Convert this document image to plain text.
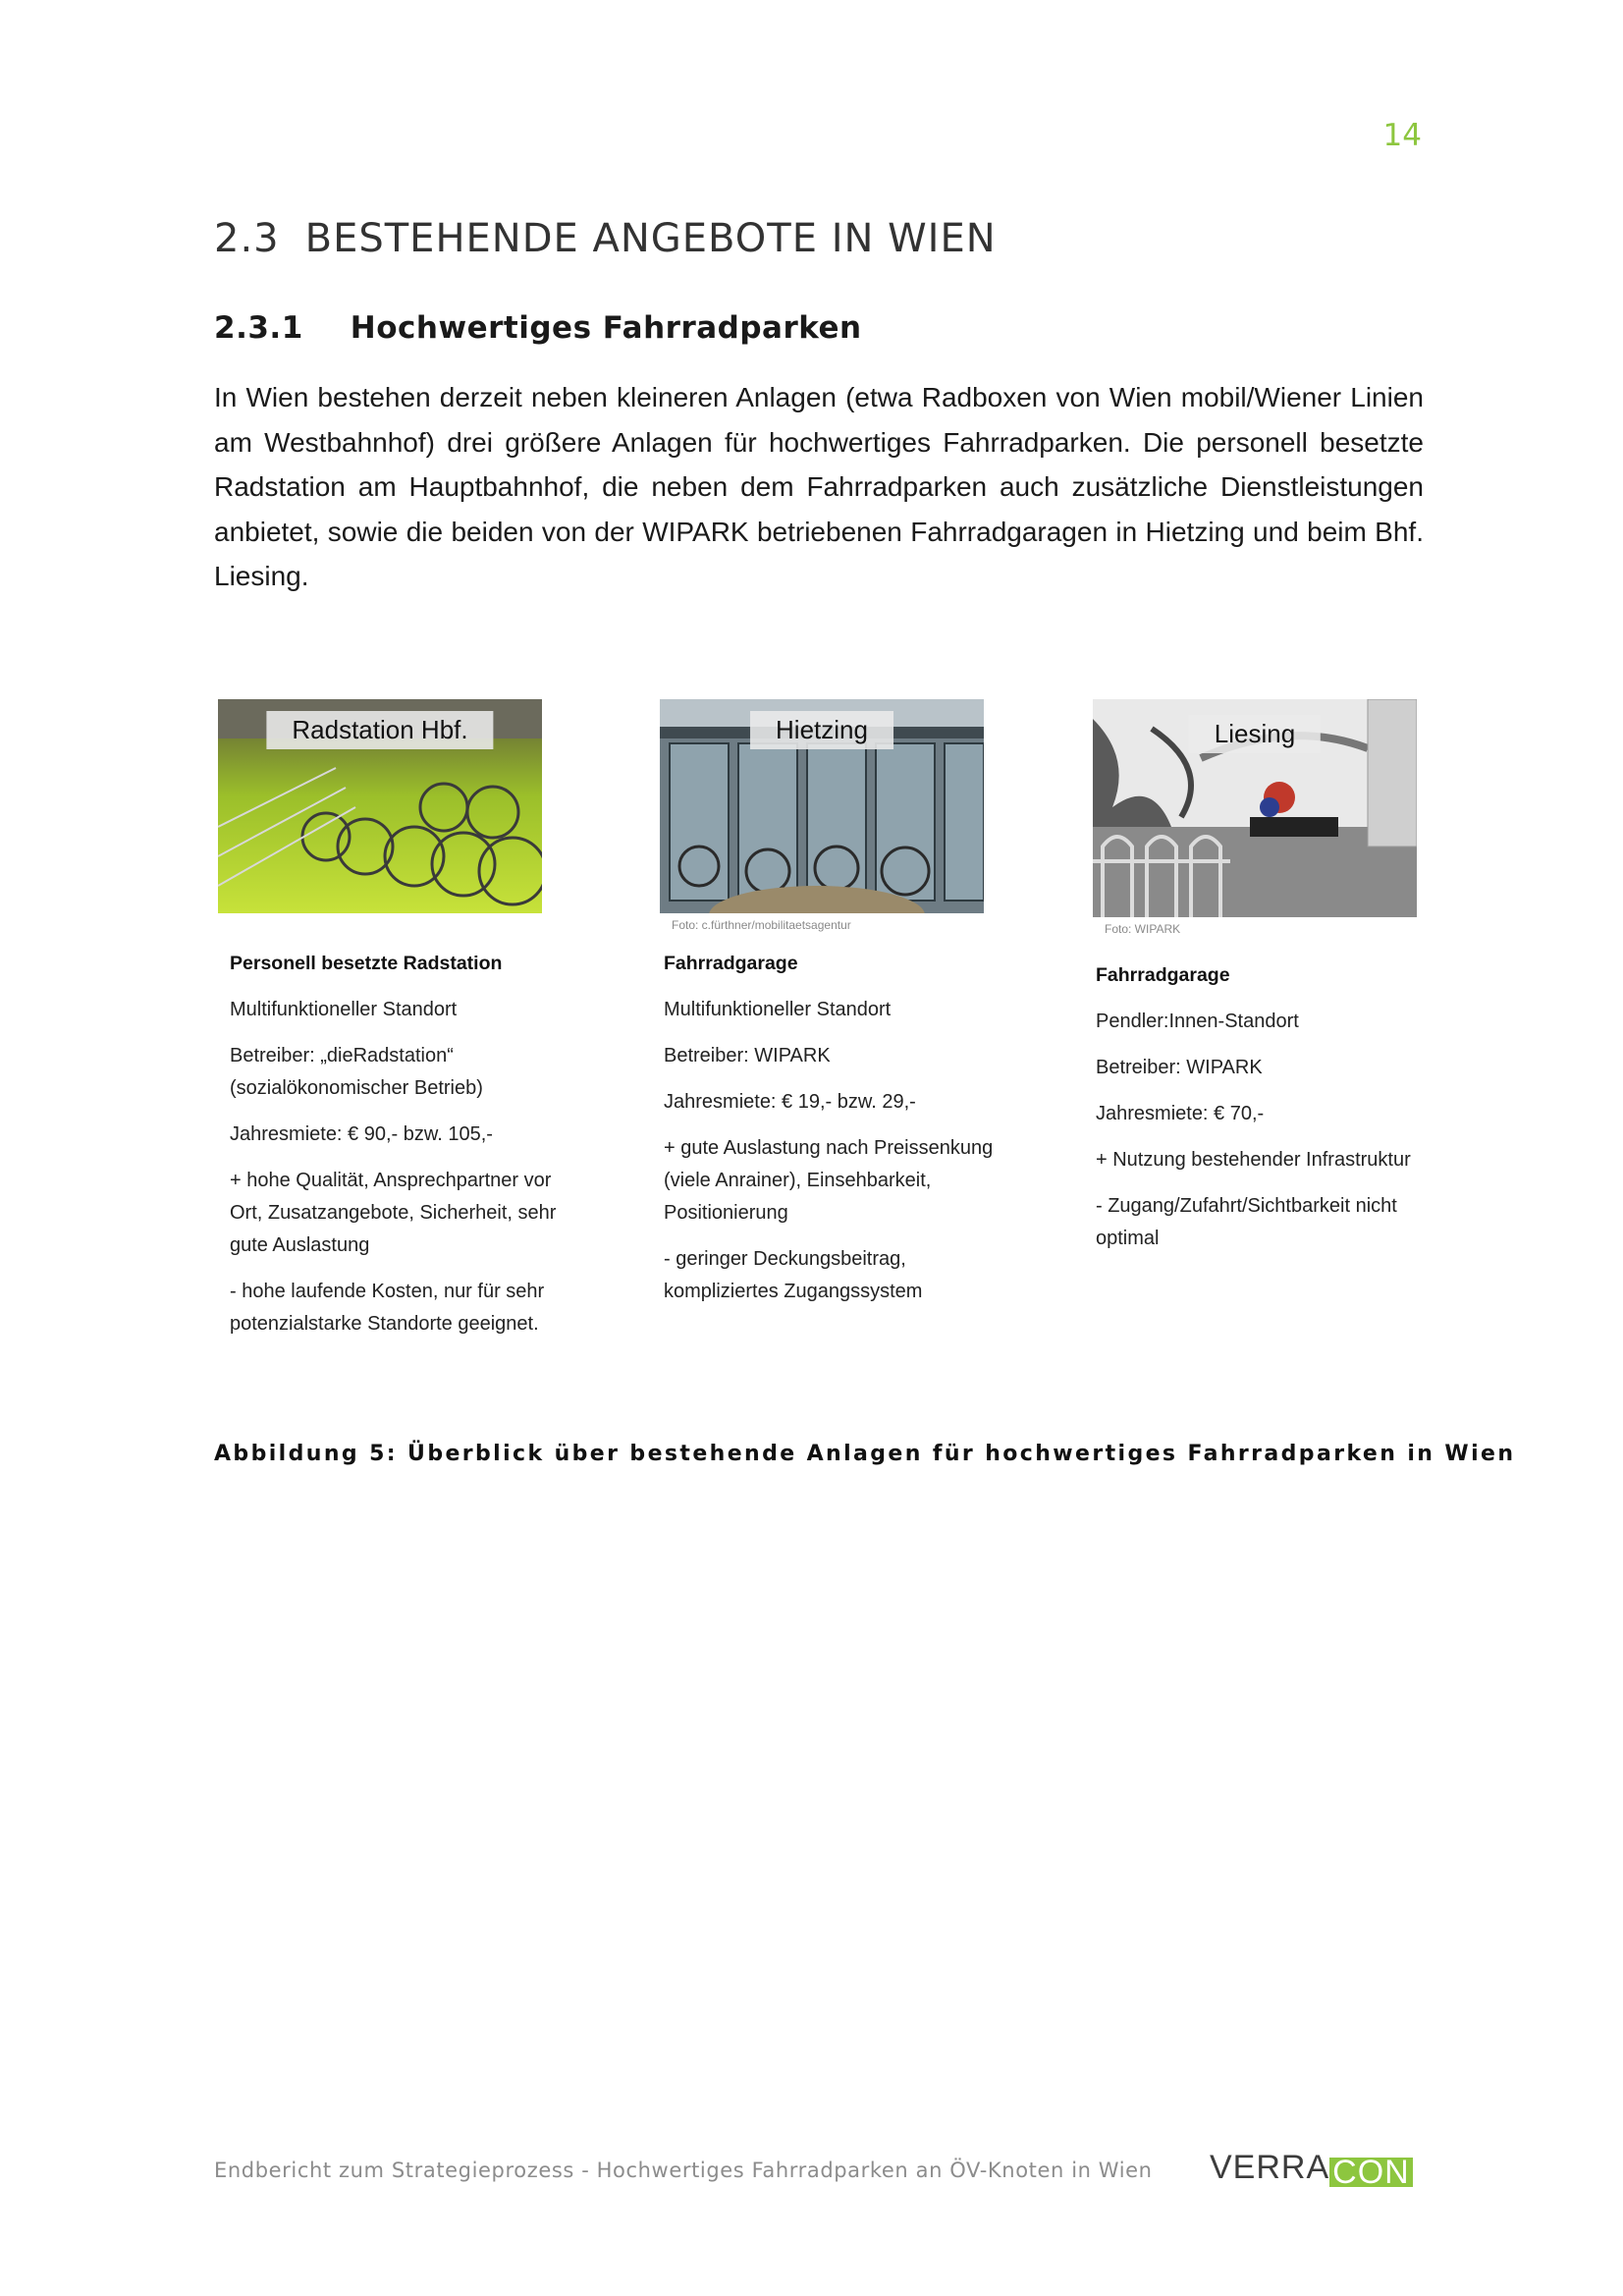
14
2.3 BESTEHENDE ANGEBOTE IN WIEN
2.3.1 Hochwertiges Fahrradparken

In Wien bestehen derzeit neben kleineren Anlagen (etwa Radboxen von Wien mobil/Wiener Linien am Westbahnhof) drei größere Anlagen für hochwertiges Fahrradparken. Die personell besetzte Radstation am Hauptbahnhof, die neben dem Fahrradparken auch zusätzliche Dienstleistungen anbietet, sowie die beiden von der WIPARK betriebenen Fahrradgaragen in Hietzing und beim Bhf. Liesing.

Radstation Hbf.
Personell besetzte Radstation

Multifunktioneller Standort

Betreiber: „dieRadstation“ (sozialökonomischer Betrieb)

Jahresmiete: € 90,- bzw. 105,-

+ hohe Qualität, Ansprechpartner vor Ort, Zusatzangebote, Sicherheit, sehr gute Auslastung

- hohe laufende Kosten, nur für sehr potenzialstarke Standorte geeignet.

Hietzing
Foto: c.fürthner/mobilitaetsagentur
Fahrradgarage

Multifunktioneller Standort

Betreiber: WIPARK

Jahresmiete: € 19,- bzw. 29,-

+ gute Auslastung nach Preissenkung (viele Anrainer), Einsehbarkeit, Positionierung

- geringer Deckungsbeitrag, kompliziertes Zugangssystem

Liesing
Foto: WIPARK
Fahrradgarage

Pendler:Innen-Standort

Betreiber: WIPARK

Jahresmiete: € 70,-

+ Nutzung bestehender Infrastruktur

- Zugang/Zufahrt/Sichtbarkeit nicht optimal

Abbildung 5: Überblick über bestehende Anlagen für hochwertiges Fahrradparken in Wien
Endbericht zum Strategieprozess - Hochwertiges Fahrradparken an ÖV-Knoten in Wien VERRA CON
